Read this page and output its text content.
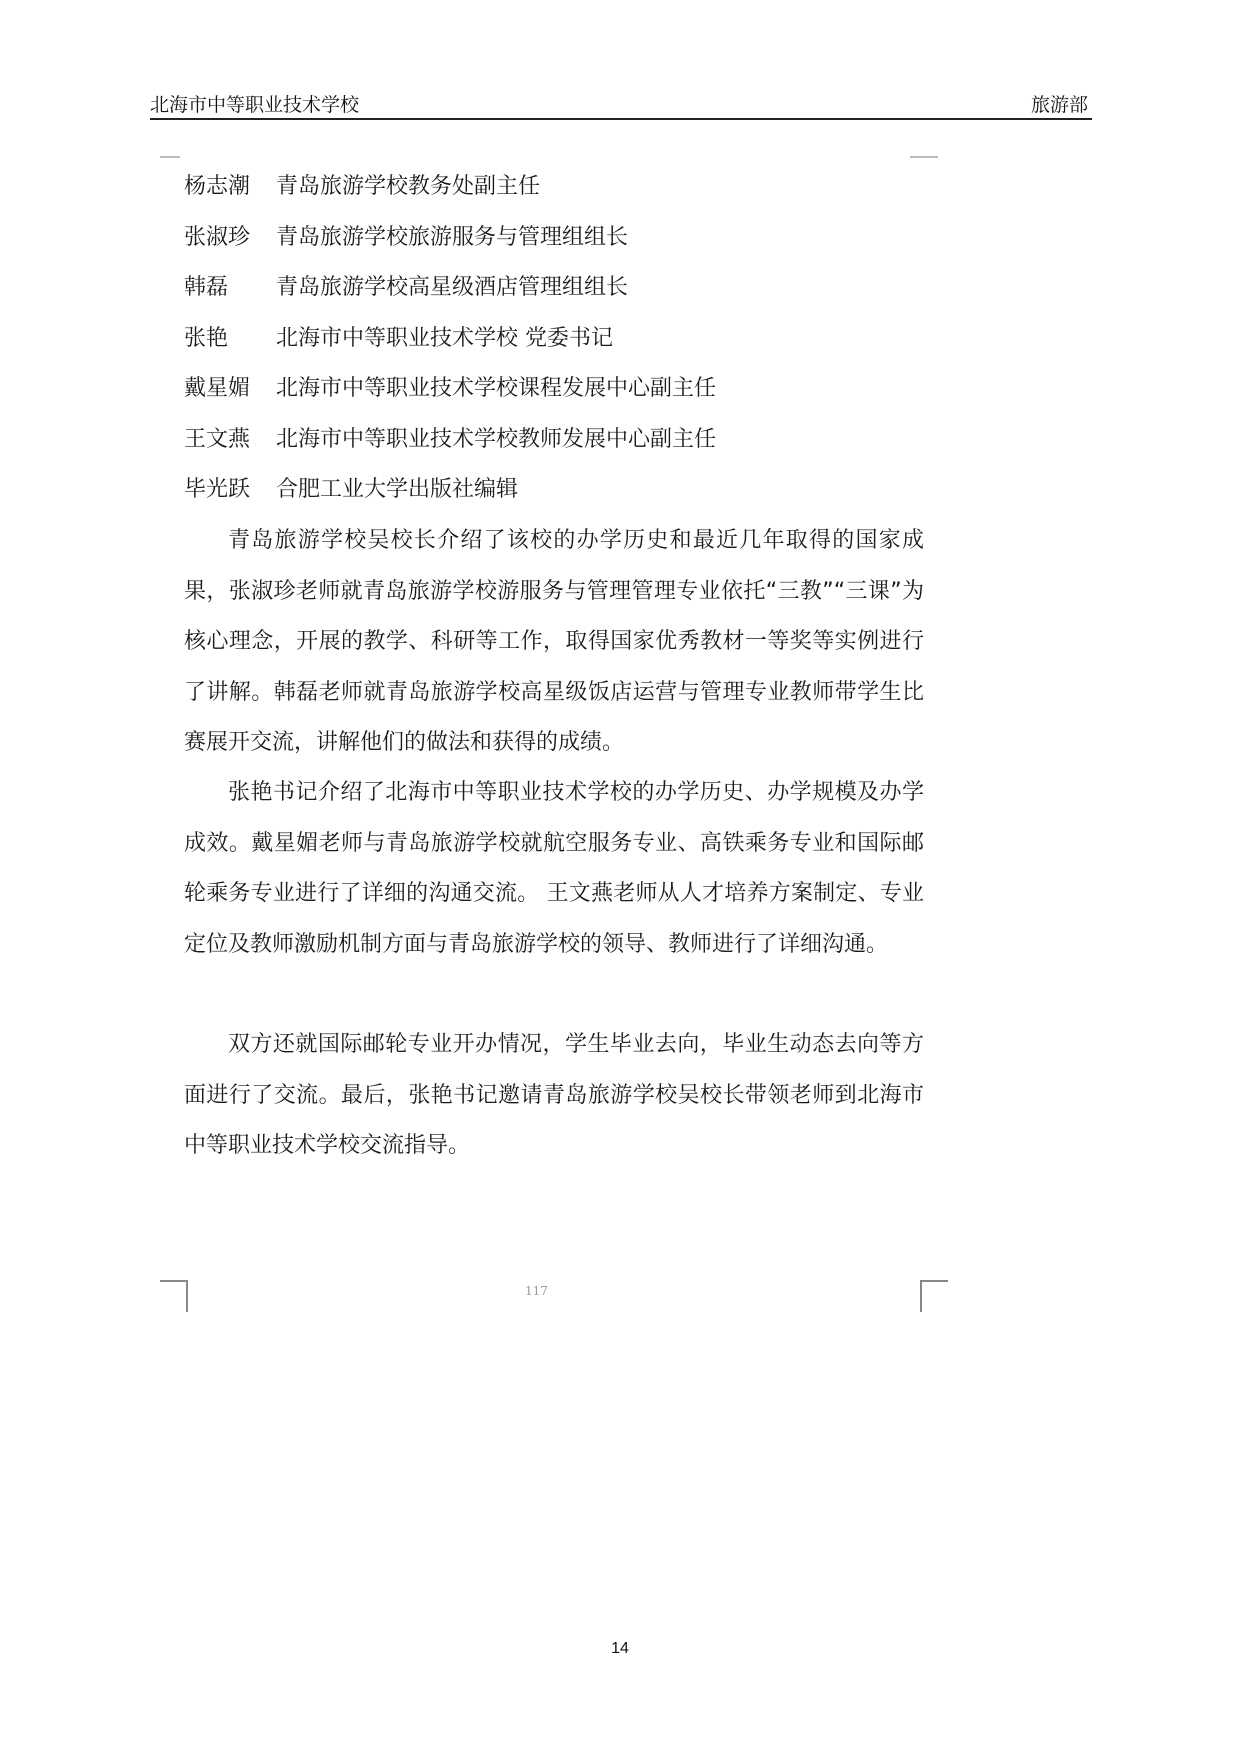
北海市中等职业技术学校	旅游部
杨志潮 青岛旅游学校教务处副主任
张淑珍 青岛旅游学校旅游服务与管理组组长
韩磊 青岛旅游学校高星级酒店管理组组长
张艳 北海市中等职业技术学校 党委书记
戴星媚 北海市中等职业技术学校课程发展中心副主任
王文燕 北海市中等职业技术学校教师发展中心副主任
毕光跃 合肥工业大学出版社编辑

青岛旅游学校吴校长介绍了该校的办学历史和最近几年取得的国家成果，张淑珍老师就青岛旅游学校游服务与管理管理专业依托“三教”“三课”为核心理念，开展的教学、科研等工作，取得国家优秀教材一等奖等实例进行了讲解。韩磊老师就青岛旅游学校高星级饭店运营与管理专业教师带学生比赛展开交流，讲解他们的做法和获得的成绩。

张艳书记介绍了北海市中等职业技术学校的办学历史、办学规模及办学成效。戴星媚老师与青岛旅游学校就航空服务专业、高铁乘务专业和国际邮轮乘务专业进行了详细的沟通交流。 王文燕老师从人才培养方案制定、专业定位及教师激励机制方面与青岛旅游学校的领导、教师进行了详细沟通。

双方还就国际邮轮专业开办情况，学生毕业去向，毕业生动态去向等方面进行了交流。最后，张艳书记邀请青岛旅游学校吴校长带领老师到北海市中等职业技术学校交流指导。

117
14
